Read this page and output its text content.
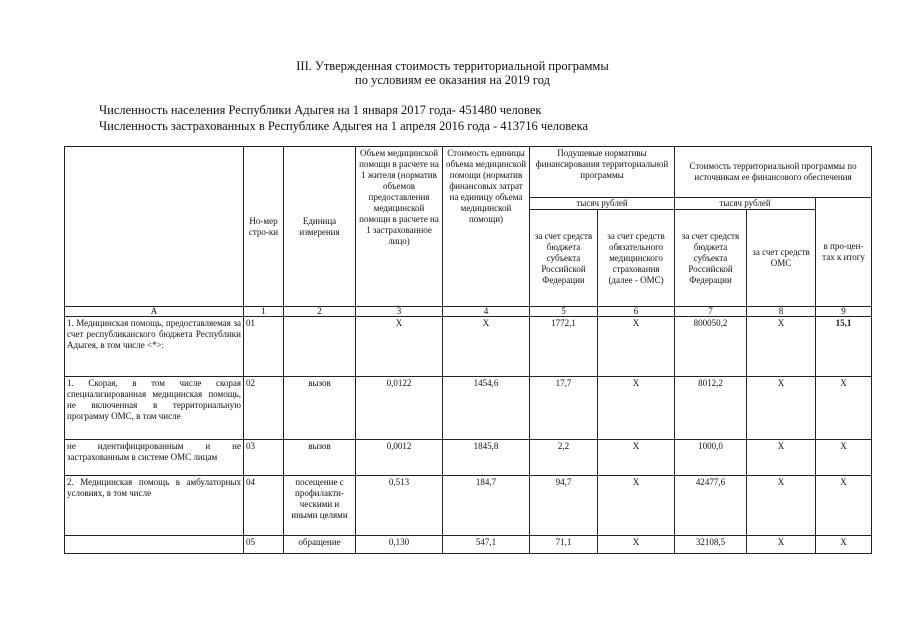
III. Утвержденная стоимость территориальной программы
по условиям ее оказания на 2019 год
Численность населения Республики Адыгея на 1 января 2017 года- 451480 человек
Численность застрахованных в Республике Адыгея на 1 апреля 2016 года - 413716 человека
	Но-мер стро-ки	Единица измерения	Объем медицинской помощи в расчете на 1 жителя (норматив объемов предоставления медицинской помощи в расчете на 1 застрахованное лицо)	Стоимость единицы объема медицинской помощи (норматив финансовых затрат на единицу объема медицинской помощи)	Подушевые нормативы финансирования территориальной программы		Стоимость территориальной программы по источникам ее финансового обеспечения		
					тысяч рублей		тысяч рублей		в про-цен-тах к итогу
					за счет средств бюджета субъекта Российской Федерации	за счет средств обязательного медицинского страхования (далее - ОМС)	за счет средств бюджета субъекта Российской Федерации	за счет средств ОМС	
А	1	2	3	4	5	6	7	8	9
1. Медицинская помощь, предоставляемая за счет республиканского бюджета Республики Адыгея, в том числе <*>:	01		Х	Х	1772,1	Х	800050,2	Х	15,1
1. Скорая, в том числе скорая специализированная медицинская помощь, не включенная в территориальную программу ОМС, в том числе	02	вызов	0,0122	1454,6	17,7	Х	8012,2	Х	Х
не идентифицированным и не застрахованным в системе ОМС лицам	03	вызов	0,0012	1845,8	2,2	Х	1000,0	Х	Х
2. Медицинская помощь в амбулаторных условиях, в том числе	04	посещение с профилакти-ческими и иными целями	0,513	184,7	94,7	Х	42477,6	Х	Х
	05	обращение	0,130	547,1	71,1	Х	32108,5	Х	Х
